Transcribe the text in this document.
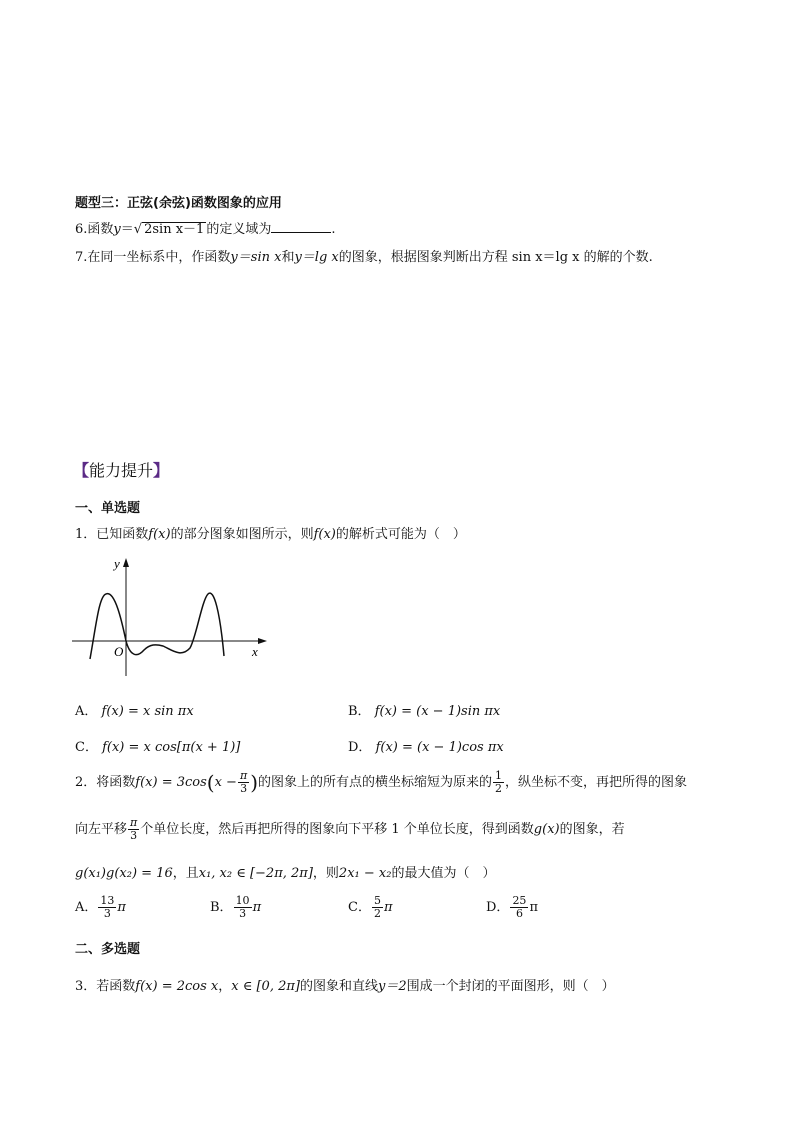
题型三：正弦(余弦)函数图象的应用
6.函数y＝√ 2sin x－1 的定义域为	.
7.在同一坐标系中，作函数y＝sin x和y＝lg x的图象，根据图象判断出方程 sin x＝lg x 的解的个数.
【能力提升】
一、单选题
1．已知函数f(x)的部分图象如图所示，则f(x)的解析式可能为（　）
y
x
O
A． f(x) = x sin πx	B． f(x) = (x − 1)sin πx
C． f(x) = x cos[π(x + 1)]	D． f(x) = (x − 1)cos πx
2．将函数$f(x) = 3\cos(x - \frac{\pi}{3}$ )的图象上的所有点的横坐标缩短为原来的 $\frac{1}{2}$ ，纵坐标不变，再把所得的图象
向左平移 $\frac{\pi}{3}$ 个单位长度，然后再把所得的图象向下平移 1 个单位长度，得到函数g(x)的图象，若
g(x₁)g(x₂) = 16，且x₁, x₂ ∈ [−2π, 2π]，则2x₁ − x₂的最大值为（　）
A． $\frac{13}{3}$ π	B． $\frac{10}{3}$ π	C． $\frac{5}{2}$ π	D． $\frac{25}{6}$ π
二、多选题
3．若函数f(x) = 2cos x，x ∈ [0, 2π]的图象和直线y＝2围成一个封闭的平面图形，则（　）
